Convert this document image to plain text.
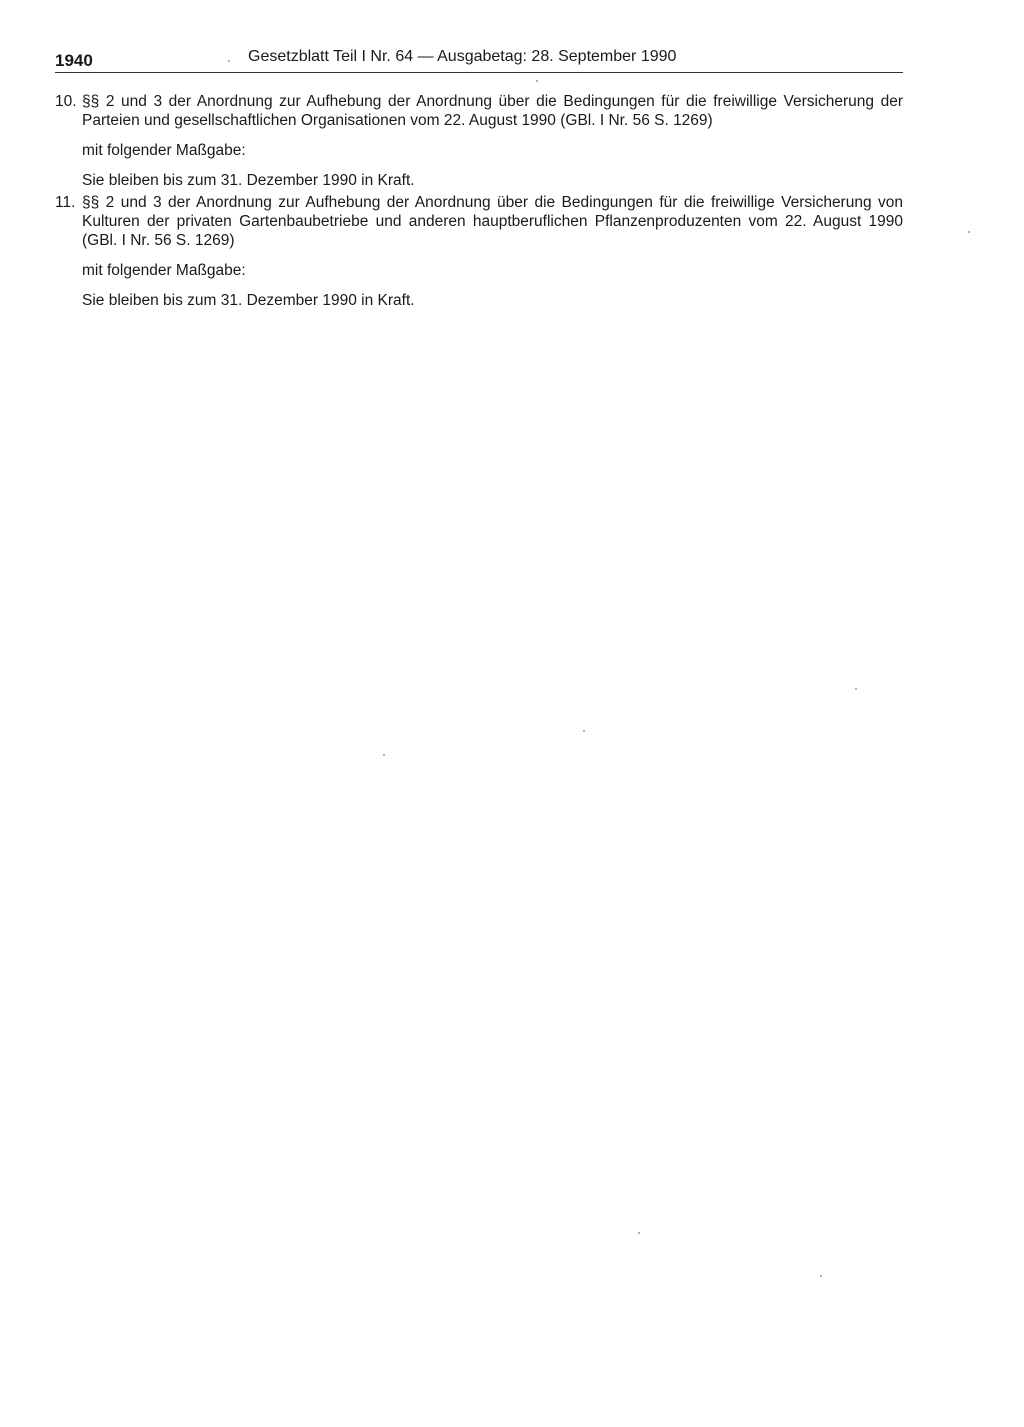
1940	Gesetzblatt Teil I Nr. 64 — Ausgabetag: 28. September 1990
10. §§ 2 und 3 der Anordnung zur Aufhebung der Anordnung über die Bedingungen für die freiwillige Versicherung der Parteien und gesellschaftlichen Organisationen vom 22. August 1990 (GBl. I Nr. 56 S. 1269)

mit folgender Maßgabe:

Sie bleiben bis zum 31. Dezember 1990 in Kraft.

11. §§ 2 und 3 der Anordnung zur Aufhebung der Anordnung über die Bedingungen für die freiwillige Versicherung von Kulturen der privaten Gartenbaubetriebe und anderen hauptberuflichen Pflanzenproduzenten vom 22. August 1990 (GBl. I Nr. 56 S. 1269)

mit folgender Maßgabe:

Sie bleiben bis zum 31. Dezember 1990 in Kraft.
